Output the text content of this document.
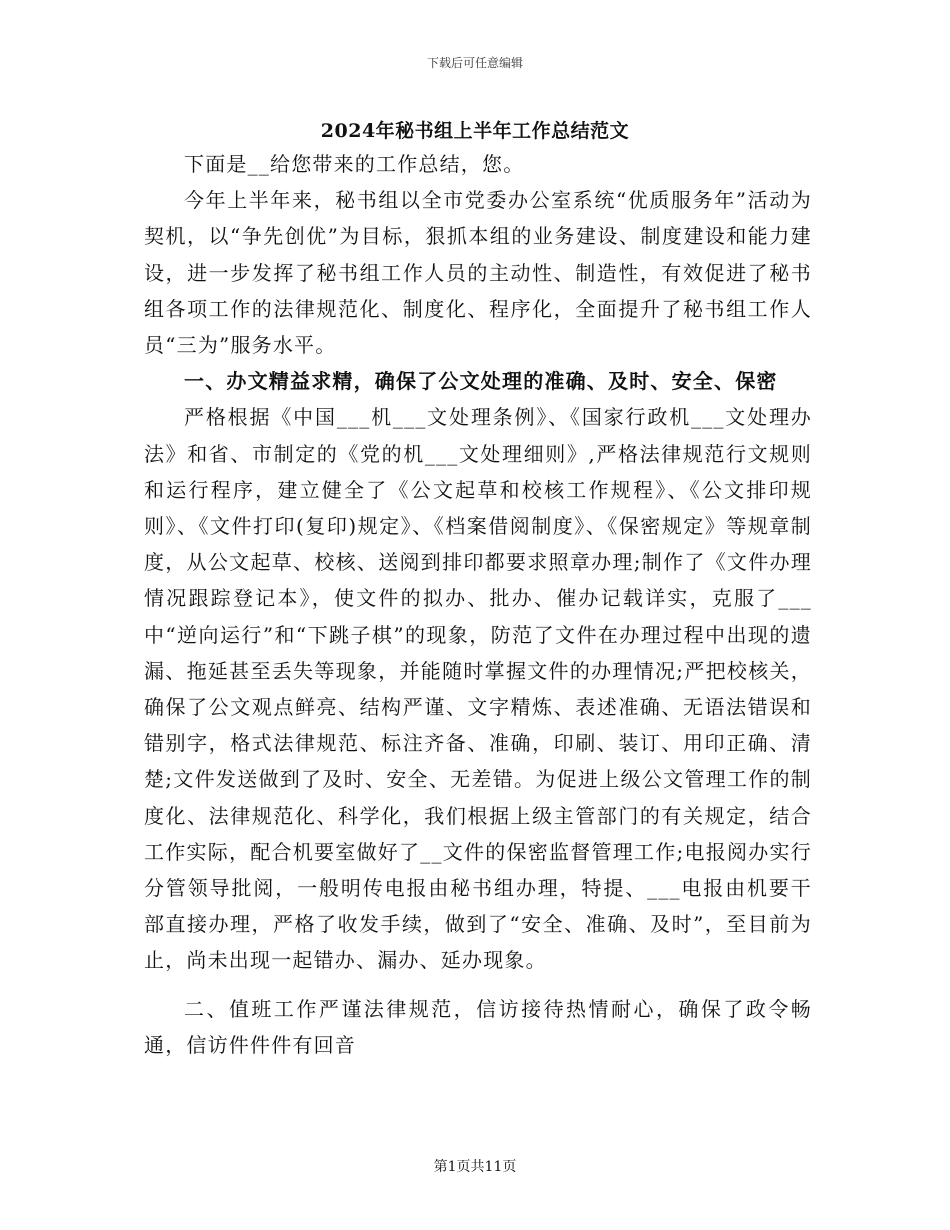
下载后可任意编辑
2024年秘书组上半年工作总结范文

下面是__给您带来的工作总结，您。

今年上半年来，秘书组以全市党委办公室系统“优质服务年”活动为契机，以“争先创优”为目标，狠抓本组的业务建设、制度建设和能力建设，进一步发挥了秘书组工作人员的主动性、制造性，有效促进了秘书组各项工作的法律规范化、制度化、程序化，全面提升了秘书组工作人员“三为”服务水平。

一、办文精益求精，确保了公文处理的准确、及时、安全、保密

严格根据《中国___机___文处理条例》、《国家行政机___文处理办法》和省、市制定的《党的机___文处理细则》,严格法律规范行文规则和运行程序，建立健全了《公文起草和校核工作规程》、《公文排印规则》、《文件打印(复印)规定》、《档案借阅制度》、《保密规定》等规章制度，从公文起草、校核、送阅到排印都要求照章办理;制作了《文件办理情况跟踪登记本》，使文件的拟办、批办、催办记载详实，克服了___中“逆向运行”和“下跳子棋”的现象，防范了文件在办理过程中出现的遗漏、拖延甚至丢失等现象，并能随时掌握文件的办理情况;严把校核关，确保了公文观点鲜亮、结构严谨、文字精炼、表述准确、无语法错误和错别字，格式法律规范、标注齐备、准确，印刷、装订、用印正确、清楚;文件发送做到了及时、安全、无差错。为促进上级公文管理工作的制度化、法律规范化、科学化，我们根据上级主管部门的有关规定，结合工作实际，配合机要室做好了__文件的保密监督管理工作;电报阅办实行分管领导批阅，一般明传电报由秘书组办理，特提、___电报由机要干部直接办理，严格了收发手续，做到了“安全、准确、及时”，至目前为止，尚未出现一起错办、漏办、延办现象。

二、值班工作严谨法律规范，信访接待热情耐心，确保了政令畅通，信访件件件有回音

第1页共11页
